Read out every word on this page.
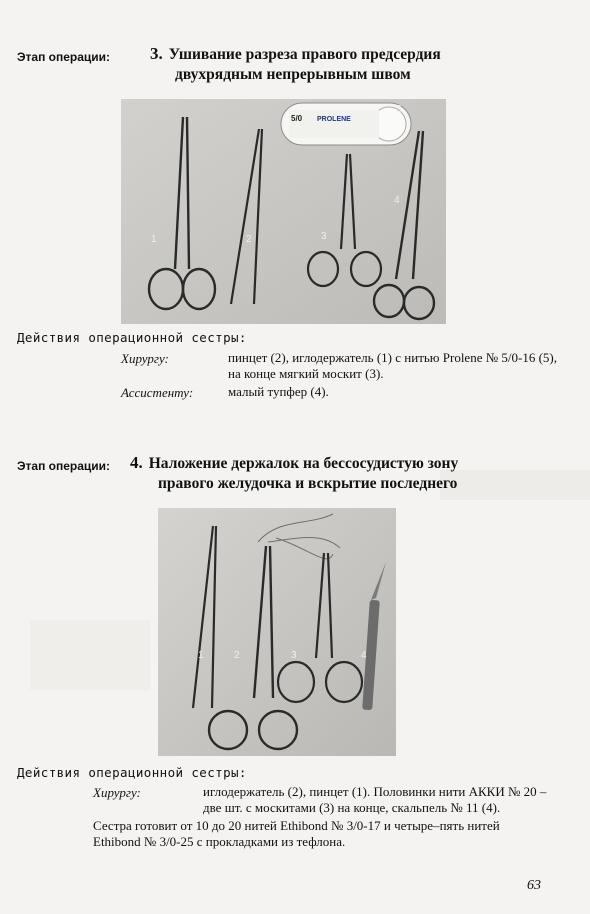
Этап операции: 3. Ушивание разреза правого предсердия
двухрядным непрерывным швом
5/0 PROLENE
1	2	3
4
5
Действия операционной сестры:
Хирургу:	пинцет (2), иглодержатель (1) с нитью Prolene № 5/0-16 (5),
на конце мягкий москит (3).
Ассистенту:	малый тупфер (4).
Этап операции: 4. Наложение держалок на бессосудистую зону
правого желудочка и вскрытие последнего
1	2	3	4
Действия операционной сестры:
Хирургу:	иглодержатель (2), пинцет (1). Половинки нити АККИ № 20 –
две шт. с москитами (3) на конце, скальпель № 11 (4).
Сестра готовит от 10 до 20 нитей Ethibond № 3/0-17 и четыре–пять нитей
Ethibond № 3/0-25 с прокладками из тефлона.
63
